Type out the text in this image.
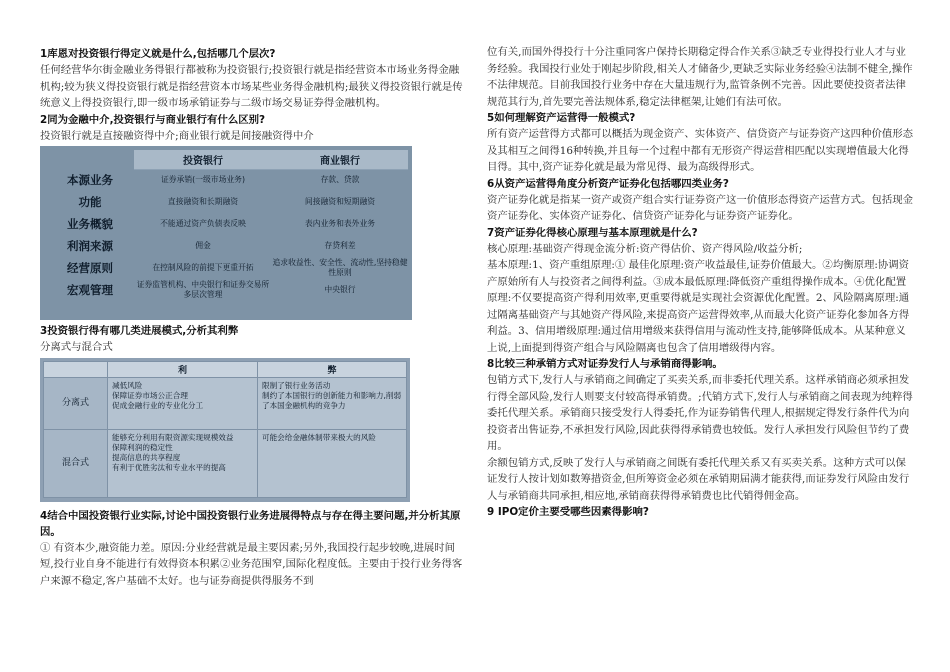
1库恩对投资银行得定义就是什么,包括哪几个层次?
任何经营华尔街金融业务得银行都被称为投资银行;投资银行就是指经营资本市场业务得金融机构;较为狭义得投资银行就是指经营资本市场某些业务得金融机构;最狭义得投资银行就是传统意义上得投资银行,即一级市场承销证券与二级市场交易证券得金融机构。
2同为金融中介,投资银行与商业银行有什么区别?
投资银行就是直接融资得中介;商业银行就是间接融资得中介
	投资银行	商业银行
本源业务	证券承销(一级市场业务)	存款、贷款
功能	直接融资和长期融资	间接融资和短期融资
业务概貌	不能通过资产负债表反映	表内业务和表外业务
利润来源	佣金	存贷利差
经营原则	在控制风险的前提下更重开拓	追求收益性、安全性、流动性,坚持稳健性原则
宏观管理	证券监管机构、中央银行和证券交易所多层次管理	中央银行
3投资银行得有哪几类进展模式,分析其利弊
分离式与混合式
	利	弊
分离式	减低风险
保障证券市场公正合理
促成金融行业的专业化分工	限制了银行业务活动
制约了本国银行的创新能力和影响力,削弱了本国金融机构的竞争力
混合式	能够充分利用有限资源实现规模效益
保障利润的稳定性
提高信息的共享程度
有利于优胜劣汰和专业水平的提高	可能会给金融体制带来极大的风险
4结合中国投资银行业实际,讨论中国投资银行业务进展得特点与存在得主要问题,并分析其原因。
① 有资本少,融资能力差。原因:分业经营就是最主要因素;另外,我国投行起步较晚,进展时间短,投行业自身不能进行有效得资本积累②业务范围窄,国际化程度低。主要由于投行业务得客户来源不稳定,客户基础不太好。也与证券商提供得服务不到
位有关,而国外得投行十分注重同客户保持长期稳定得合作关系③缺乏专业得投行业人才与业务经验。我国投行业处于刚起步阶段,相关人才储备少,更缺乏实际业务经验④法制不健全,操作不法律规范。目前我国投行业务中存在大量违规行为,监管条例不完善。因此要使投资者法律规范其行为,首先要完善法规体系,稳定法律框架,让她们有法可依。
5如何理解资产运营得一般模式?
所有资产运营得方式都可以概括为现金资产、实体资产、信贷资产与证券资产这四种价值形态及其相互之间得16种转换,并且每一个过程中都有无形资产得运营相匹配以实现增值最大化得目得。其中,资产证券化就是最为常见得、最为高级得形式。
6从资产运营得角度分析资产证券化包括哪四类业务?
资产证券化就是指某一资产或资产组合实行证券资产这一价值形态得资产运营方式。包括现金资产证券化、实体资产证券化、信贷资产证券化与证券资产证券化。
7资产证券化得核心原理与基本原理就是什么?
核心原理:基础资产得现金流分析:资产得估价、资产得风险/收益分析;
基本原理:1、资产重组原理:① 最佳化原理:资产收益最佳,证券价值最大。②均衡原理:协调资产原始所有人与投资者之间得利益。③成本最低原理:降低资产重组得操作成本。④优化配置原理:不仅要提高资产得利用效率,更重要得就是实现社会资源优化配置。2、风险隔离原理:通过隔离基础资产与其她资产得风险,来提高资产运营得效率,从而最大化资产证券化参加各方得利益。3、信用增级原理:通过信用增级来获得信用与流动性支持,能够降低成本。从某种意义上说,上面提到得资产组合与风险隔离也包含了信用增级得内容。
8比较三种承销方式对证券发行人与承销商得影响。
包销方式下,发行人与承销商之间确定了买卖关系,而非委托代理关系。这样承销商必须承担发行得全部风险,发行人则要支付较高得承销费。;代销方式下,发行人与承销商之间表现为纯粹得委托代理关系。承销商只接受发行人得委托,作为证券销售代理人,根据规定得发行条件代为向投资者出售证券,不承担发行风险,因此获得得承销费也较低。发行人承担发行风险但节约了费用。
余额包销方式,反映了发行人与承销商之间既有委托代理关系又有买卖关系。这种方式可以保证发行人按计划如数筹措资金,但所筹资金必须在承销期届满才能获得,而证券发行风险由发行人与承销商共同承担,相应地,承销商获得得承销费也比代销得佣金高。
9 IPO定价主要受哪些因素得影响?
